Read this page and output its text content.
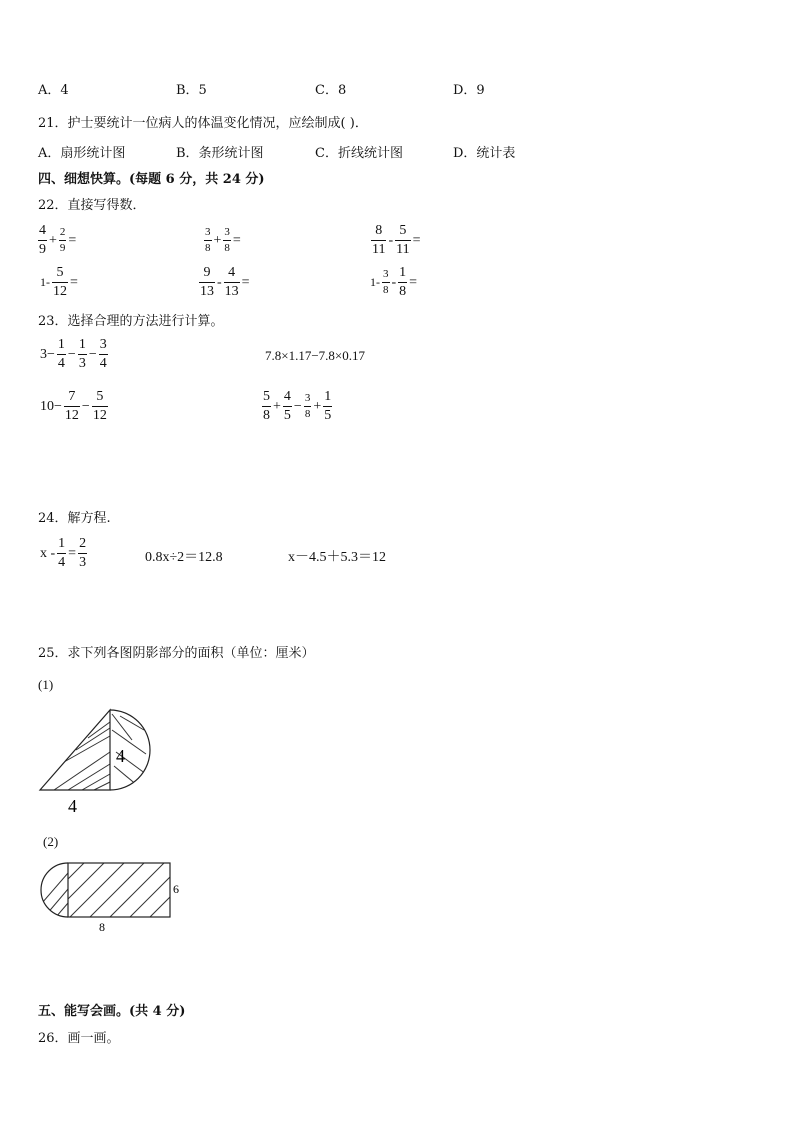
A．4	B．5	C．8	D．9
21．护士要统计一位病人的体温变化情况，应绘制成( )．
A．扇形统计图	B．条形统计图	C．折线统计图	D．统计表
四、细想快算。(每题 6 分，共 24 分)
22．直接写得数．
$\frac{4}{9} + \frac{2}{9}$ =	$\frac{3}{8} + \frac{3}{8}$ =	$\frac{8}{11} - \frac{5}{11}$ =
$1- \frac{5}{12}$ =	$\frac{9}{13} - \frac{4}{13}$ =	$1- \frac{3}{8} - \frac{1}{8}$ =
23．选择合理的方法进行计算。
$3- \frac{1}{4} - \frac{1}{3} - \frac{3}{4}$	7.8×1.17−7.8×0.17
$10- \frac{7}{12} - \frac{5}{12}$	$\frac{5}{8} + \frac{4}{5} - \frac{3}{8} + \frac{1}{5}$
24．解方程.
$x - \frac{1}{4} = \frac{2}{3}$	0.8x÷2＝12.8	x－4.5＋5.3＝12
25．求下列各图阴影部分的面积（单位：厘米）
(1)
4
4
(2)
6
8
五、能写会画。(共 4 分)
26．画一画。
